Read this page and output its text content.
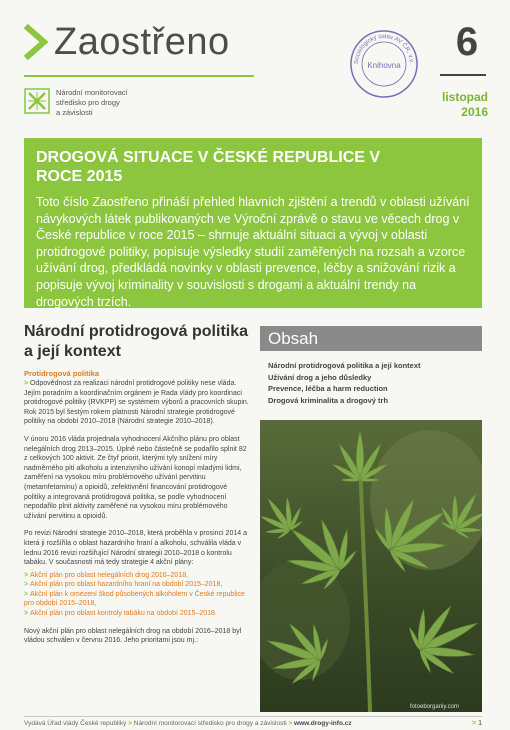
Zaostřeno
Národní monitorovací
středisko pro drogy
a závislosti
Sociologický ústav AV ČR, v.v.
Knihovna
6
listopad
2016
DROGOVÁ SITUACE V ČESKÉ REPUBLICE V ROCE 2015
Toto číslo Zaostřeno přináší přehled hlavních zjištění a trendů v oblasti užívání návykových látek publikovaných ve Výroční zprávě o stavu ve věcech drog v České republice v roce 2015 – shrnuje aktuální situaci a vývoj v oblasti protidrogové politiky, popisuje výsledky studií zaměřených na rozsah a vzorce užívání drog, předkládá novinky v oblasti prevence, léčby a snižování rizik a popisuje vývoj kriminality v souvislosti s drogami a aktuální trendy na drogových trzích.
Národní protidrogová politika a její kontext
Protidrogová politika

> Odpovědnost za realizaci národní protidrogové politiky nese vláda. Jejím poradním a koordinačním orgánem je Rada vlády pro koordinaci protidrogové politiky (RVKPP) se systémem výborů a pracovních skupin. Rok 2015 byl šestým rokem platnosti Národní strategie protidrogové politiky na období 2010–2018 (Národní strategie 2010–2018).

V únoru 2016 vláda projednala vyhodnocení Akčního plánu pro oblast nelegálních drog 2013–2015. Úplně nebo částečně se podařilo splnit 82 z celkových 100 aktivit. Ze čtyř priorit, kterými tyly snížení míry nadměrného pití alkoholu a intenzivního užívání konopí mladými lidmi, zaměření na vysokou míru problémového užívání pervitinu (metamfetaminu) a opioidů, zefektivnění financování protidrogové politiky a integrovaná protidrogová politika, se podle vyhodnocení nepodařilo plnit aktivity zaměřené na vysokou míru problémového užívání pervitinu a opioidů.

Po revizi Národní strategie 2010–2018, která proběhla v prosinci 2014 a která ji rozšířila o oblast hazardního hraní a alkoholu, schválila vláda v lednu 2016 revizi rozšiřující Národní strategii 2010–2018 o kontrolu tabáku. V současnosti má tedy strategie 4 akční plány:

> Akční plán pro oblast nelegálních drog 2016–2018,
> Akční plán pro oblast hazardního hraní na období 2015–2018,
> Akční plán k omezení škod působených alkoholem v České republice pro období 2015–2018,
> Akční plán pro oblast kontroly tabáku na období 2015–2018.

Nový akční plán pro oblast nelegálních drog na období 2016–2018 byl vládou schválen v červnu 2016. Jeho prioritami jsou mj.:

Obsah
Národní protidrogová politika a její kontext
Užívání drog a jeho důsledky
Prevence, léčba a harm reduction
Drogová kriminalita a drogový trh
fotoeborganiy.com
Vydává Úřad vlády České republiky > Národní monitorovací středisko pro drogy a závislosti > www.drogy-info.cz	> 1
